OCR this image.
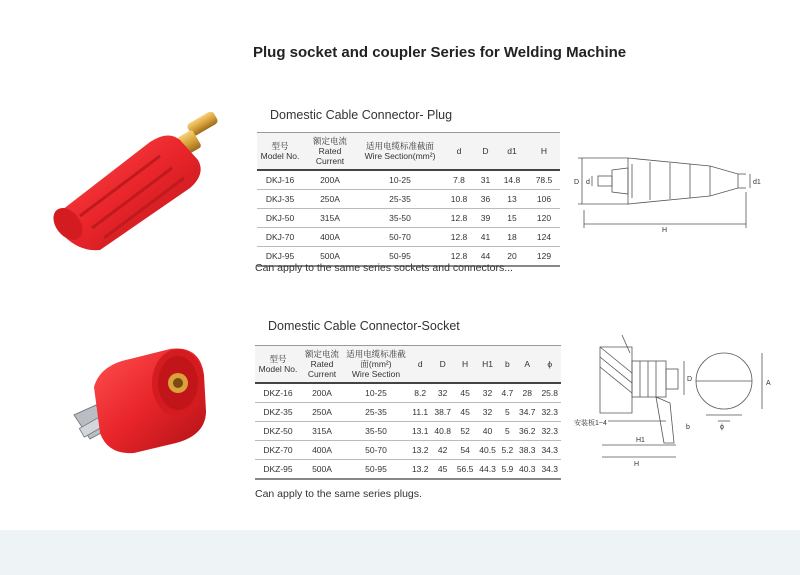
Plug socket and coupler Series for Welding Machine
Domestic Cable Connector- Plug
型号
Model No.	额定电流
Rated Current	适用电缆标准截面
Wire Section(mm²)	d	D	d1	H
DKJ-16	200A	10-25	7.8	31	14.8	78.5
DKJ-35	250A	25-35	10.8	36	13	106
DKJ-50	315A	35-50	12.8	39	15	120
DKJ-70	400A	50-70	12.8	41	18	124
DKJ-95	500A	50-95	12.8	44	20	129
D d	d1
H
Can apply to the same series sockets and connectors...
Domestic Cable Connector-Socket
型号
Model No.	额定电流
Rated Current	适用电缆标准截面(mm²)
Wire Section	d	D	H	H1	b	A	ϕ
DKZ-16	200A	10-25	8.2	32	45	32	4.7	28	25.8
DKZ-35	250A	25-35	11.1	38.7	45	32	5	34.7	32.3
DKZ-50	315A	35-50	13.1	40.8	52	40	5	36.2	32.3
DKZ-70	400A	50-70	13.2	42	54	40.5	5.2	38.3	34.3
DKZ-95	500A	50-95	13.2	45	56.5	44.3	5.9	40.3	34.3
安装板1~4
H1
H
b
A
D
ϕ
Can apply to the same series plugs.
